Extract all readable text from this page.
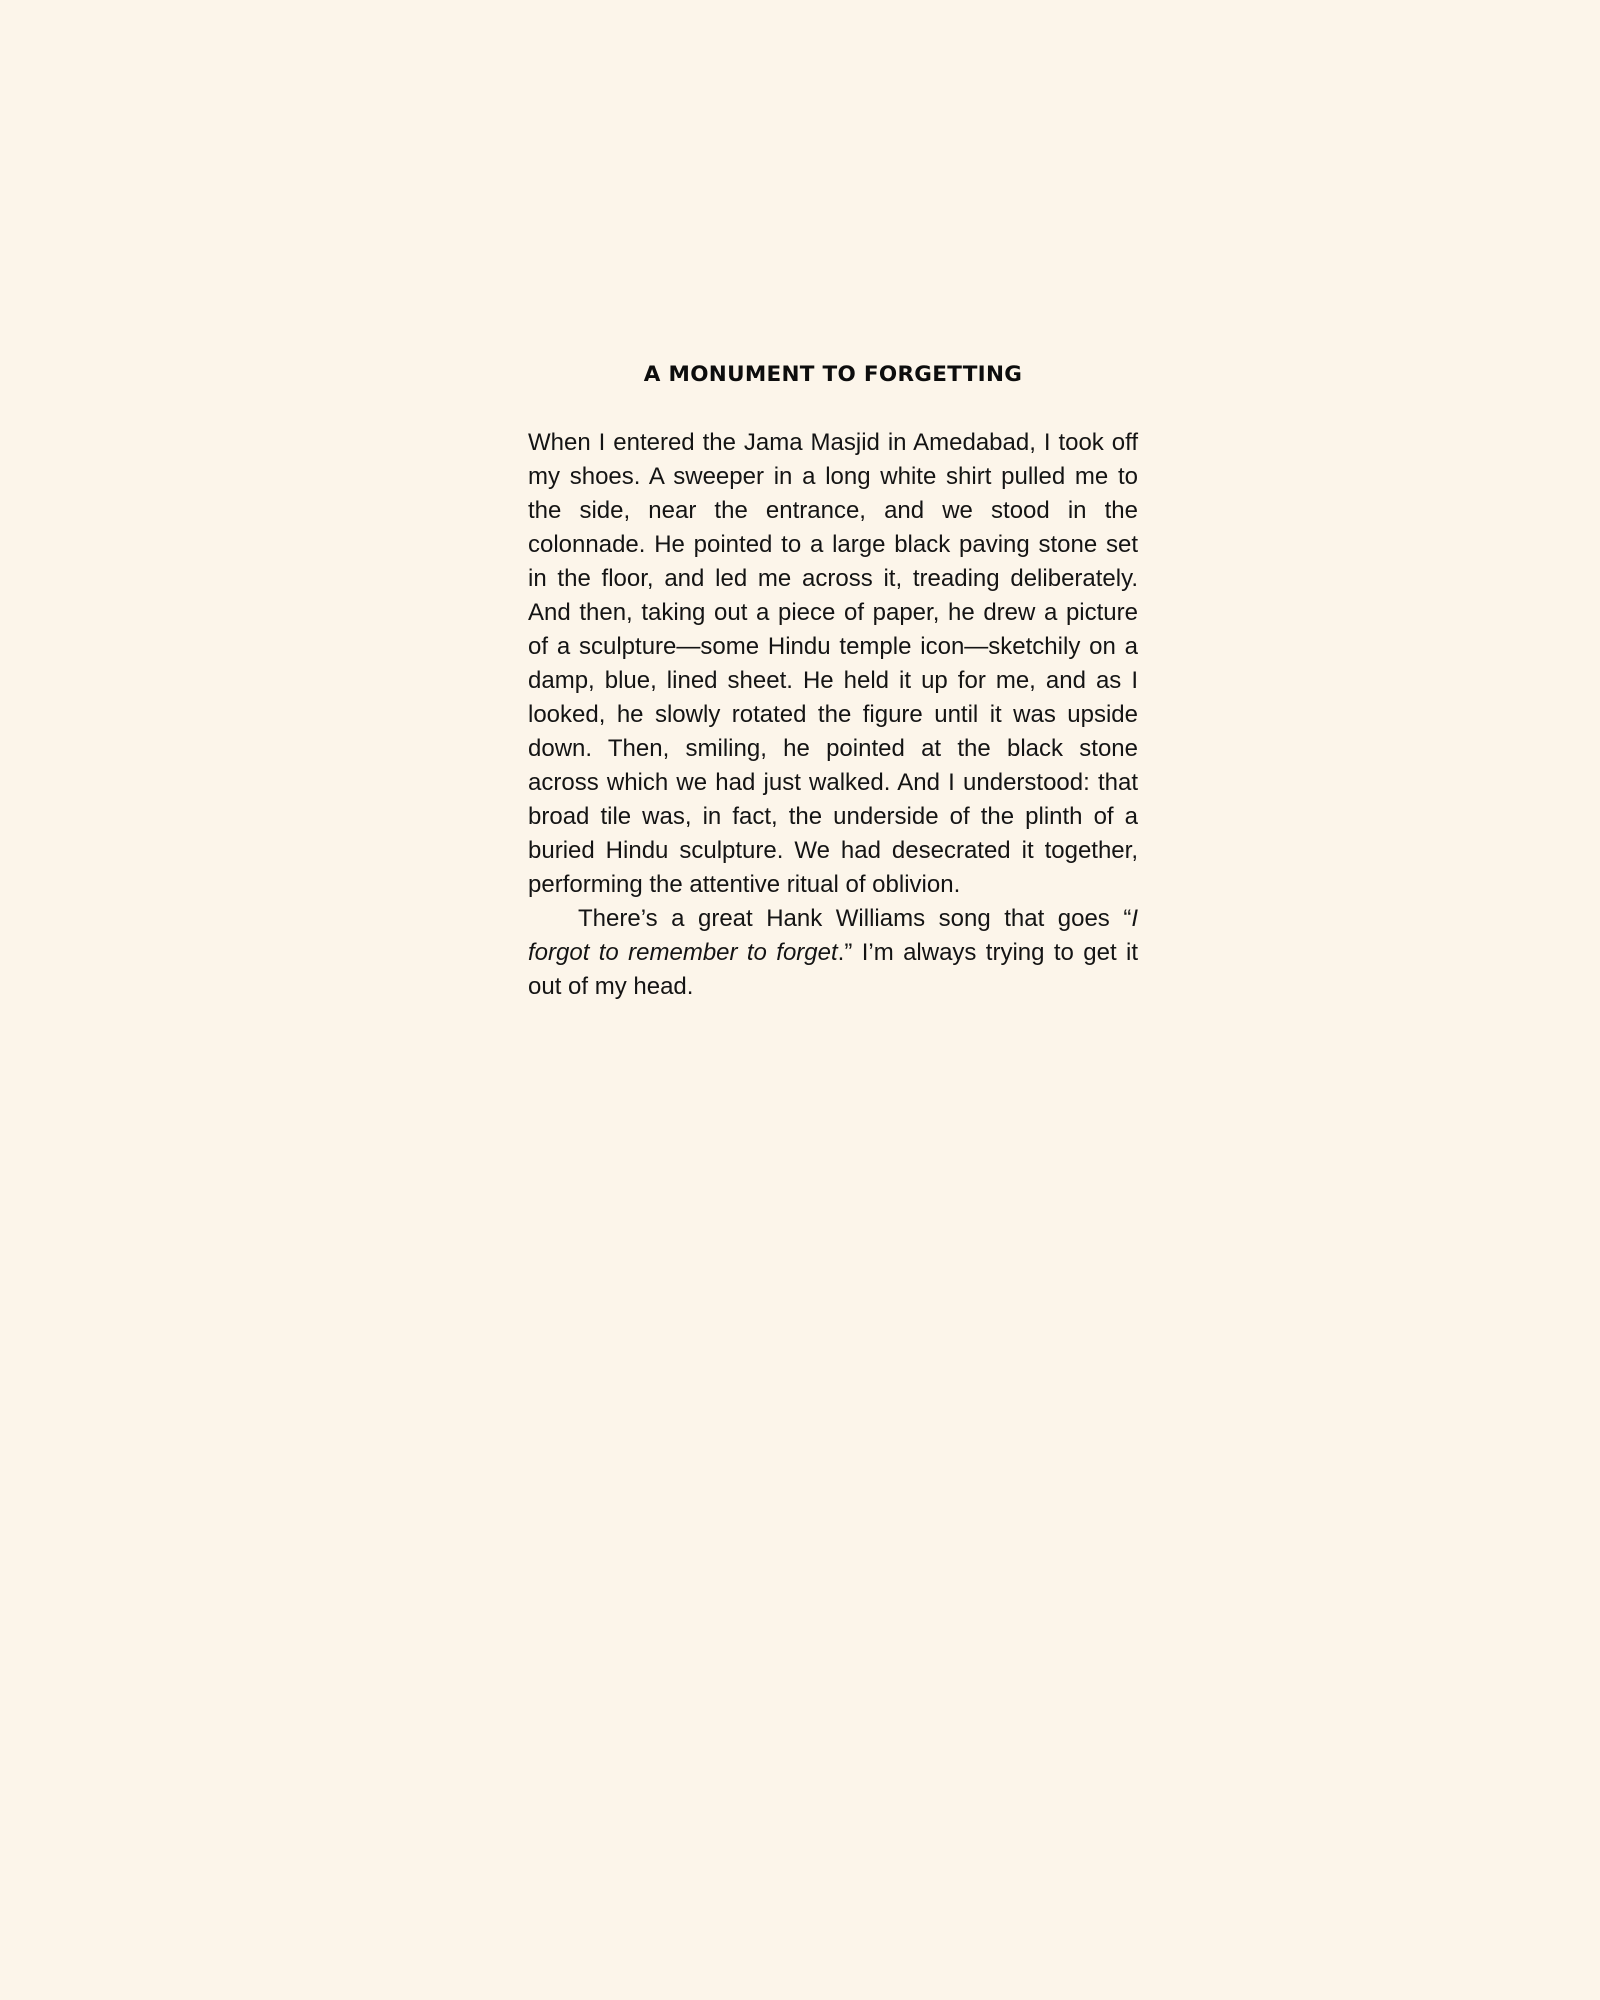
A MONUMENT TO FORGETTING

When I entered the Jama Masjid in Amedabad, I took off my shoes. A sweeper in a long white shirt pulled me to the side, near the entrance, and we stood in the colonnade. He pointed to a large black paving stone set in the floor, and led me across it, treading deliberately. And then, taking out a piece of paper, he drew a picture of a sculpture—some Hindu temple icon—sketchily on a damp, blue, lined sheet. He held it up for me, and as I looked, he slowly rotated the figure until it was upside down. Then, smiling, he pointed at the black stone across which we had just walked. And I understood: that broad tile was, in fact, the underside of the plinth of a buried Hindu sculpture. We had desecrated it together, performing the attentive ritual of oblivion.

There’s a great Hank Williams song that goes “I forgot to remember to forget.” I’m always trying to get it out of my head.
